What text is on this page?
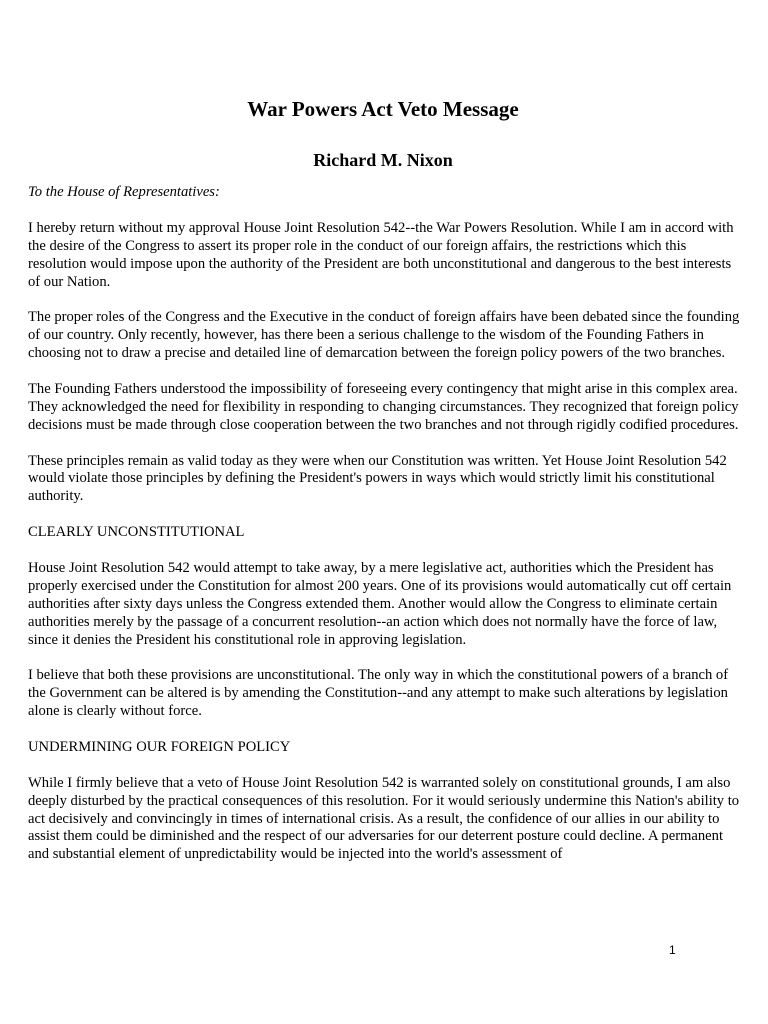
War Powers Act Veto Message
Richard M. Nixon

To the House of Representatives:

I hereby return without my approval House Joint Resolution 542--the War Powers Resolution. While I am in accord with the desire of the Congress to assert its proper role in the conduct of our foreign affairs, the restrictions which this resolution would impose upon the authority of the President are both unconstitutional and dangerous to the best interests of our Nation.

The proper roles of the Congress and the Executive in the conduct of foreign affairs have been debated since the founding of our country. Only recently, however, has there been a serious challenge to the wisdom of the Founding Fathers in choosing not to draw a precise and detailed line of demarcation between the foreign policy powers of the two branches.

The Founding Fathers understood the impossibility of foreseeing every contingency that might arise in this complex area. They acknowledged the need for flexibility in responding to changing circumstances. They recognized that foreign policy decisions must be made through close cooperation between the two branches and not through rigidly codified procedures.

These principles remain as valid today as they were when our Constitution was written. Yet House Joint Resolution 542 would violate those principles by defining the President's powers in ways which would strictly limit his constitutional authority.

CLEARLY UNCONSTITUTIONAL

House Joint Resolution 542 would attempt to take away, by a mere legislative act, authorities which the President has properly exercised under the Constitution for almost 200 years. One of its provisions would automatically cut off certain authorities after sixty days unless the Congress extended them. Another would allow the Congress to eliminate certain authorities merely by the passage of a concurrent resolution--an action which does not normally have the force of law, since it denies the President his constitutional role in approving legislation.

I believe that both these provisions are unconstitutional. The only way in which the constitutional powers of a branch of the Government can be altered is by amending the Constitution--and any attempt to make such alterations by legislation alone is clearly without force.

UNDERMINING OUR FOREIGN POLICY

While I firmly believe that a veto of House Joint Resolution 542 is warranted solely on constitutional grounds, I am also deeply disturbed by the practical consequences of this resolution. For it would seriously undermine this Nation's ability to act decisively and convincingly in times of international crisis. As a result, the confidence of our allies in our ability to assist them could be diminished and the respect of our adversaries for our deterrent posture could decline. A permanent and substantial element of unpredictability would be injected into the world's assessment of

1
